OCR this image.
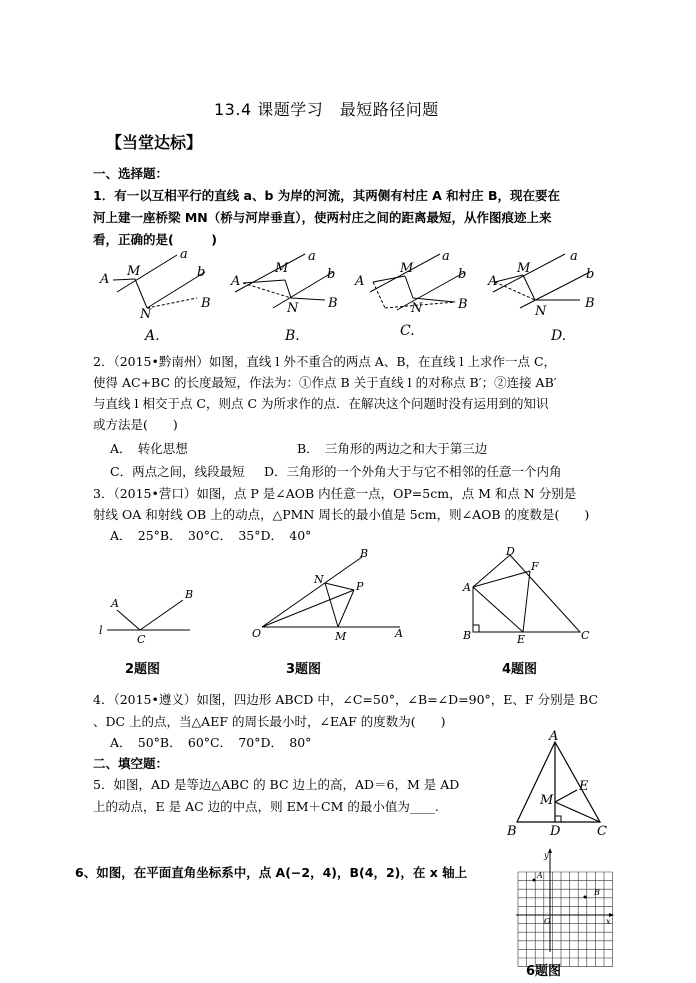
13.4 课题学习　最短路径问题
【当堂达标】
一、选择题：
1．有一以互相平行的直线 a、b 为岸的河流，其两侧有村庄 A 和村庄 B，现在要在
河上建一座桥梁 MN（桥与河岸垂直），使两村庄之间的距离最短，从作图痕迹上来
看，正确的是(　　　)
A
M
a
b
B
N
A.
A
M
a
b
B
N
B.
A
M
a
b
B
N
C.
A
M
a
b
B
N
D.
2．（2015•黔南州）如图，直线 l 外不重合的两点 A、B，在直线 l 上求作一点 C，
使得 AC+BC 的长度最短，作法为：①作点 B 关于直线 l 的对称点 B′；②连接 AB′
与直线 l 相交于点 C，则点 C 为所求作的点．在解决这个问题时没有运用到的知识
或方法是(　　)
A．　转化思想	B．　三角形的两边之和大于第三边
C．两点之间，线段最短 D．三角形的一个外角大于与它不相邻的任意一个内角
3．（2015•营口）如图，点 P 是∠AOB 内任意一点，OP=5cm，点 M 和点 N 分别是
射线 OA 和射线 OB 上的动点，△PMN 周长的最小值是 5cm，则∠AOB 的度数是(　　)
A．　25°B．　30°C．　35°D．　40°
A
B
l
C
2题图
B
N
P
O	M	A
3题图
D
F
A
B	E	C
4题图
4．（2015•遵义）如图，四边形 ABCD 中，∠C=50°，∠B=∠D=90°，E、F 分别是 BC
、DC 上的点，当△AEF 的周长最小时，∠EAF 的度数为(　　)
A．　50°B．　60°C．　70°D．　80°
二、填空题：
5．如图，AD 是等边△ABC 的 BC 边上的高，AD＝6，M 是 AD
上的动点，E 是 AC 边的中点，则 EM＋CM 的最小值为____.
A
E
M
B	D	C
6、如图，在平面直角坐标系中，点 A(−2，4)，B(4，2)，在 x 轴上
y
A
B
O	x
6题图
